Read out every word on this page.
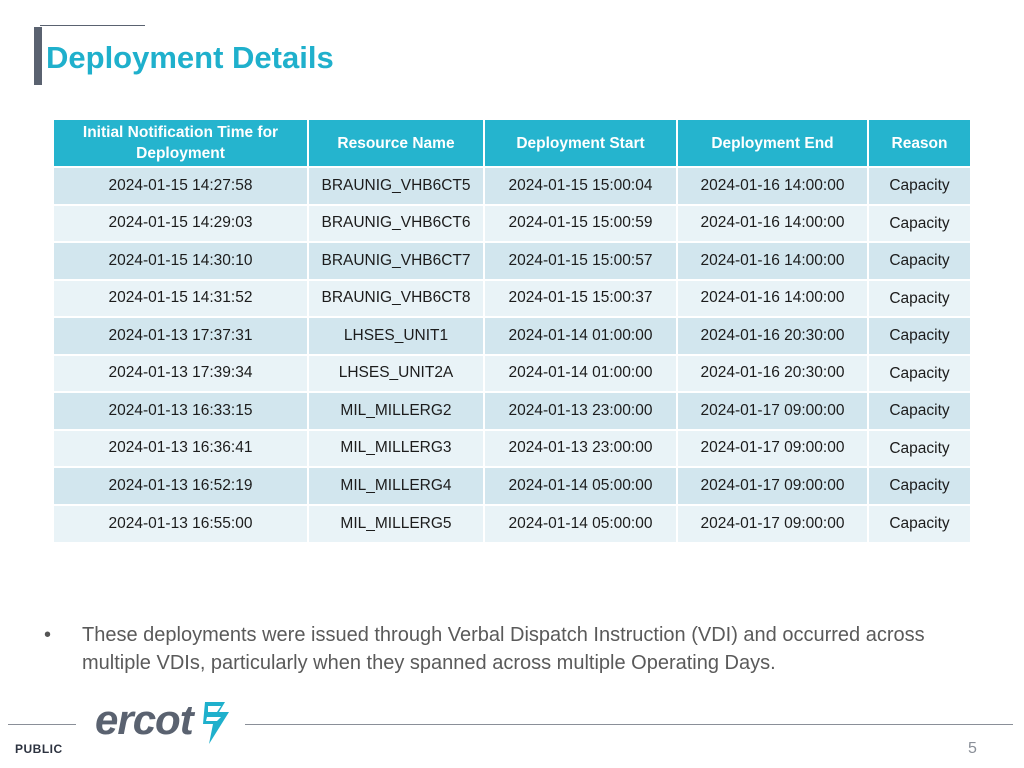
Deployment Details
Initial Notification Time for Deployment	Resource Name	Deployment Start	Deployment End	Reason
2024-01-15 14:27:58	BRAUNIG_VHB6CT5	2024-01-15 15:00:04	2024-01-16 14:00:00	Capacity
2024-01-15 14:29:03	BRAUNIG_VHB6CT6	2024-01-15 15:00:59	2024-01-16 14:00:00	Capacity
2024-01-15 14:30:10	BRAUNIG_VHB6CT7	2024-01-15 15:00:57	2024-01-16 14:00:00	Capacity
2024-01-15 14:31:52	BRAUNIG_VHB6CT8	2024-01-15 15:00:37	2024-01-16 14:00:00	Capacity
2024-01-13 17:37:31	LHSES_UNIT1	2024-01-14 01:00:00	2024-01-16 20:30:00	Capacity
2024-01-13 17:39:34	LHSES_UNIT2A	2024-01-14 01:00:00	2024-01-16 20:30:00	Capacity
2024-01-13 16:33:15	MIL_MILLERG2	2024-01-13 23:00:00	2024-01-17 09:00:00	Capacity
2024-01-13 16:36:41	MIL_MILLERG3	2024-01-13 23:00:00	2024-01-17 09:00:00	Capacity
2024-01-13 16:52:19	MIL_MILLERG4	2024-01-14 05:00:00	2024-01-17 09:00:00	Capacity
2024-01-13 16:55:00	MIL_MILLERG5	2024-01-14 05:00:00	2024-01-17 09:00:00	Capacity
•	These deployments were issued through Verbal Dispatch Instruction (VDI) and occurred across multiple VDIs, particularly when they spanned across multiple Operating Days.

ercot
PUBLIC	5
